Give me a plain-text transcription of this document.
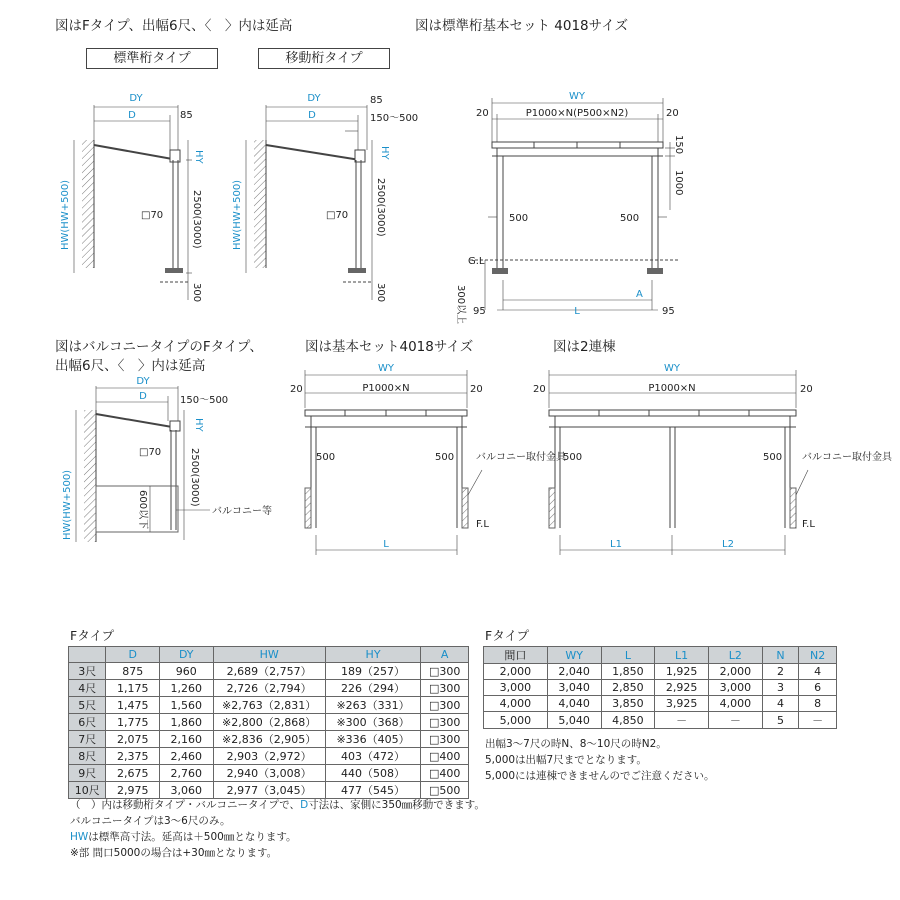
図はFタイプ、出幅6尺、〈　〉内は延高	図は標準桁基本セット 4018サイズ
標準桁タイプ	移動桁タイプ
図はバルコニータイプのFタイプ、
出幅6尺、〈　〉内は延高
図は基本セット4018サイズ	図は2連棟
DY
D	85
HY
□70	2500(3000)
300
HW(HW+500)
DY
D
85
150～500
HY
□70	2500(3000)
300
HW(HW+500)
WY
20	20
P1000×N(P500×N2)
150
1000
500	500
G.L
300以上 95	95
L
A
DY
D	150～500
HY
□70	2500(3000)
バルコニー等
600以下
HW(HW+500)
WY
20	20
P1000×N
500	500 バルコニー取付金具
F.L
L
WY
20	20
P1000×N
500	500 バルコニー取付金具
F.L
L1	L2
Fタイプ
	D	DY	HW	HY	A
3尺	875	960	2,689（2,757）	189（257）	□300
4尺	1,175	1,260	2,726（2,794）	226（294）	□300
5尺	1,475	1,560	※2,763（2,831）	※263（331）	□300
6尺	1,775	1,860	※2,800（2,868）	※300（368）	□300
7尺	2,075	2,160	※2,836（2,905）	※336（405）	□300
8尺	2,375	2,460	2,903（2,972）	403（472）	□400
9尺	2,675	2,760	2,940（3,008）	440（508）	□400
10尺	2,975	3,060	2,977（3,045）	477（545）	□500
（　）内は移動桁タイプ・バルコニータイプで、D寸法は、家側に350㎜移動できます。
バルコニータイプは3～6尺のみ。
HWは標準高寸法。延高は＋500㎜となります。
※部 間口5000の場合は+30㎜となります。
Fタイプ
間口	WY	L	L1	L2	N	N2
2,000	2,040	1,850	1,925	2,000	2	4
3,000	3,040	2,850	2,925	3,000	3	6
4,000	4,040	3,850	3,925	4,000	4	8
5,000	5,040	4,850	－	－	5	－
出幅3～7尺の時N、8～10尺の時N2。
5,000は出幅7尺までとなります。
5,000には連棟できませんのでご注意ください。
